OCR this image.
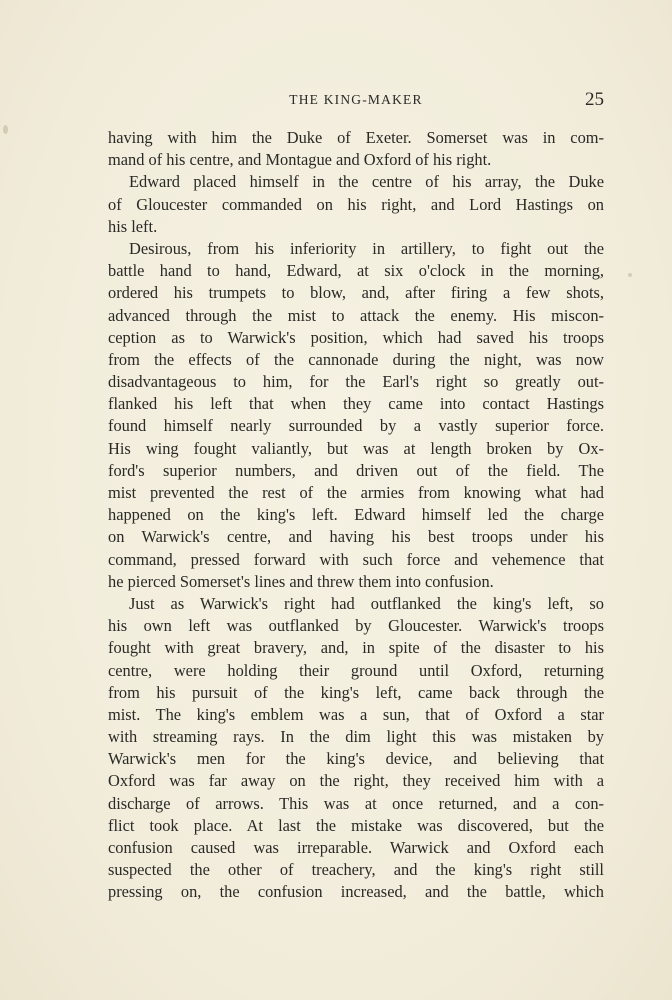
THE KING-MAKER	25
having with him the Duke of Exeter. Somerset was in com-
mand of his centre, and Montague and Oxford of his right.
Edward placed himself in the centre of his array, the Duke
of Gloucester commanded on his right, and Lord Hastings on
his left.
Desirous, from his inferiority in artillery, to fight out the
battle hand to hand, Edward, at six o'clock in the morning,
ordered his trumpets to blow, and, after firing a few shots,
advanced through the mist to attack the enemy. His miscon-
ception as to Warwick's position, which had saved his troops
from the effects of the cannonade during the night, was now
disadvantageous to him, for the Earl's right so greatly out-
flanked his left that when they came into contact Hastings
found himself nearly surrounded by a vastly superior force.
His wing fought valiantly, but was at length broken by Ox-
ford's superior numbers, and driven out of the field. The
mist prevented the rest of the armies from knowing what had
happened on the king's left. Edward himself led the charge
on Warwick's centre, and having his best troops under his
command, pressed forward with such force and vehemence that
he pierced Somerset's lines and threw them into confusion.
Just as Warwick's right had outflanked the king's left, so
his own left was outflanked by Gloucester. Warwick's troops
fought with great bravery, and, in spite of the disaster to his
centre, were holding their ground until Oxford, returning
from his pursuit of the king's left, came back through the
mist. The king's emblem was a sun, that of Oxford a star
with streaming rays. In the dim light this was mistaken by
Warwick's men for the king's device, and believing that
Oxford was far away on the right, they received him with a
discharge of arrows. This was at once returned, and a con-
flict took place. At last the mistake was discovered, but the
confusion caused was irreparable. Warwick and Oxford each
suspected the other of treachery, and the king's right still
pressing on, the confusion increased, and the battle, which
